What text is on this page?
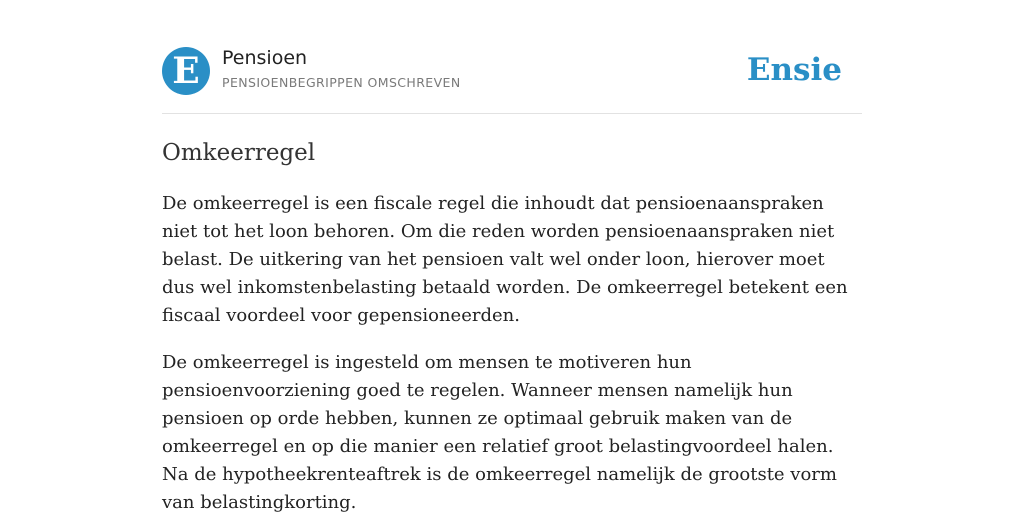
E	Pensioen
PENSIOENBEGRIPPEN OMSCHREVEN	Ensie
Omkeerregel

De omkeerregel is een fiscale regel die inhoudt dat pensioenaanspraken niet tot het loon behoren. Om die reden worden pensioenaanspraken niet belast. De uitkering van het pensioen valt wel onder loon, hierover moet dus wel inkomstenbelasting betaald worden. De omkeerregel betekent een fiscaal voordeel voor gepensioneerden.

De omkeerregel is ingesteld om mensen te motiveren hun pensioenvoorziening goed te regelen. Wanneer mensen namelijk hun pensioen op orde hebben, kunnen ze optimaal gebruik maken van de omkeerregel en op die manier een relatief groot belastingvoordeel halen. Na de hypotheekrenteaftrek is de omkeerregel namelijk de grootste vorm van belastingkorting.
